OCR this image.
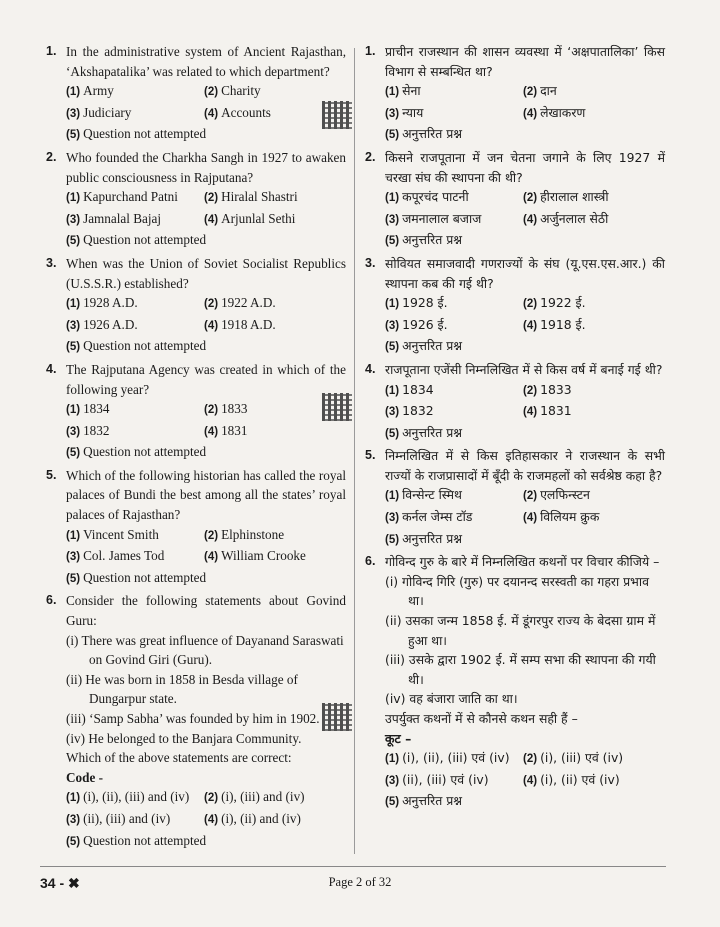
1. In the administrative system of Ancient Rajasthan, ‘Akshapatalika’ was related to which department?
(1) Army	(2) Charity
(3) Judiciary	(4) Accounts
(5) Question not attempted
2. Who founded the Charkha Sangh in 1927 to awaken public consciousness in Rajputana?
(1) Kapurchand Patni	(2) Hiralal Shastri
(3) Jamnalal Bajaj	(4) Arjunlal Sethi
(5) Question not attempted
3. When was the Union of Soviet Socialist Republics (U.S.S.R.) established?
(1) 1928 A.D.	(2) 1922 A.D.
(3) 1926 A.D.	(4) 1918 A.D.
(5) Question not attempted
4. The Rajputana Agency was created in which of the following year?
(1) 1834	(2) 1833
(3) 1832	(4) 1831
(5) Question not attempted
5. Which of the following historian has called the royal palaces of Bundi the best among all the states’ royal palaces of Rajasthan?
(1) Vincent Smith	(2) Elphinstone
(3) Col. James Tod	(4) William Crooke
(5) Question not attempted
6. Consider the following statements about Govind Guru:
(i) There was great influence of Dayanand Saraswati on Govind Giri (Guru).
(ii) He was born in 1858 in Besda village of Dungarpur state.
(iii) ‘Samp Sabha’ was founded by him in 1902.
(iv) He belonged to the Banjara Community.
Which of the above statements are correct:
Code -
(1) (i), (ii), (iii) and (iv)	(2) (i), (iii) and (iv)
(3) (ii), (iii) and (iv)	(4) (i), (ii) and (iv)
(5) Question not attempted
1. प्राचीन राजस्थान की शासन व्यवस्था में ‘अक्षपातालिका’ किस विभाग से सम्बन्धित था?
(1) सेना	(2) दान
(3) न्याय	(4) लेखाकरण
(5) अनुत्तरित प्रश्न
2. किसने राजपूताना में जन चेतना जगाने के लिए 1927 में चरखा संघ की स्थापना की थी?
(1) कपूरचंद पाटनी	(2) हीरालाल शास्त्री
(3) जमनालाल बजाज	(4) अर्जुनलाल सेठी
(5) अनुत्तरित प्रश्न
3. सोवियत समाजवादी गणराज्यों के संघ (यू.एस.एस.आर.) की स्थापना कब की गई थी?
(1) 1928 ई.	(2) 1922 ई.
(3) 1926 ई.	(4) 1918 ई.
(5) अनुत्तरित प्रश्न
4. राजपूताना एजेंसी निम्नलिखित में से किस वर्ष में बनाई गई थी?
(1) 1834	(2) 1833
(3) 1832	(4) 1831
(5) अनुत्तरित प्रश्न
5. निम्नलिखित में से किस इतिहासकार ने राजस्थान के सभी राज्यों के राजप्रासादों में बूँदी के राजमहलों को सर्वश्रेष्ठ कहा है?
(1) विन्सेन्ट स्मिथ	(2) एलफिन्स्टन
(3) कर्नल जेम्स टॉड	(4) विलियम क्रुक
(5) अनुत्तरित प्रश्न
6. गोविन्द गुरु के बारे में निम्नलिखित कथनों पर विचार कीजिये –
(i) गोविन्द गिरि (गुरु) पर दयानन्द सरस्वती का गहरा प्रभाव था।
(ii) उसका जन्म 1858 ई. में डूंगरपुर राज्य के बेदसा ग्राम में हुआ था।
(iii) उसके द्वारा 1902 ई. में सम्प सभा की स्थापना की गयी थी।
(iv) वह बंजारा जाति का था।
उपर्युक्त कथनों में से कौनसे कथन सही हैं –
कूट –
(1) (i), (ii), (iii) एवं (iv)	(2) (i), (iii) एवं (iv)
(3) (ii), (iii) एवं (iv)	(4) (i), (ii) एवं (iv)
(5) अनुत्तरित प्रश्न
34 - ✖	Page 2 of 32
